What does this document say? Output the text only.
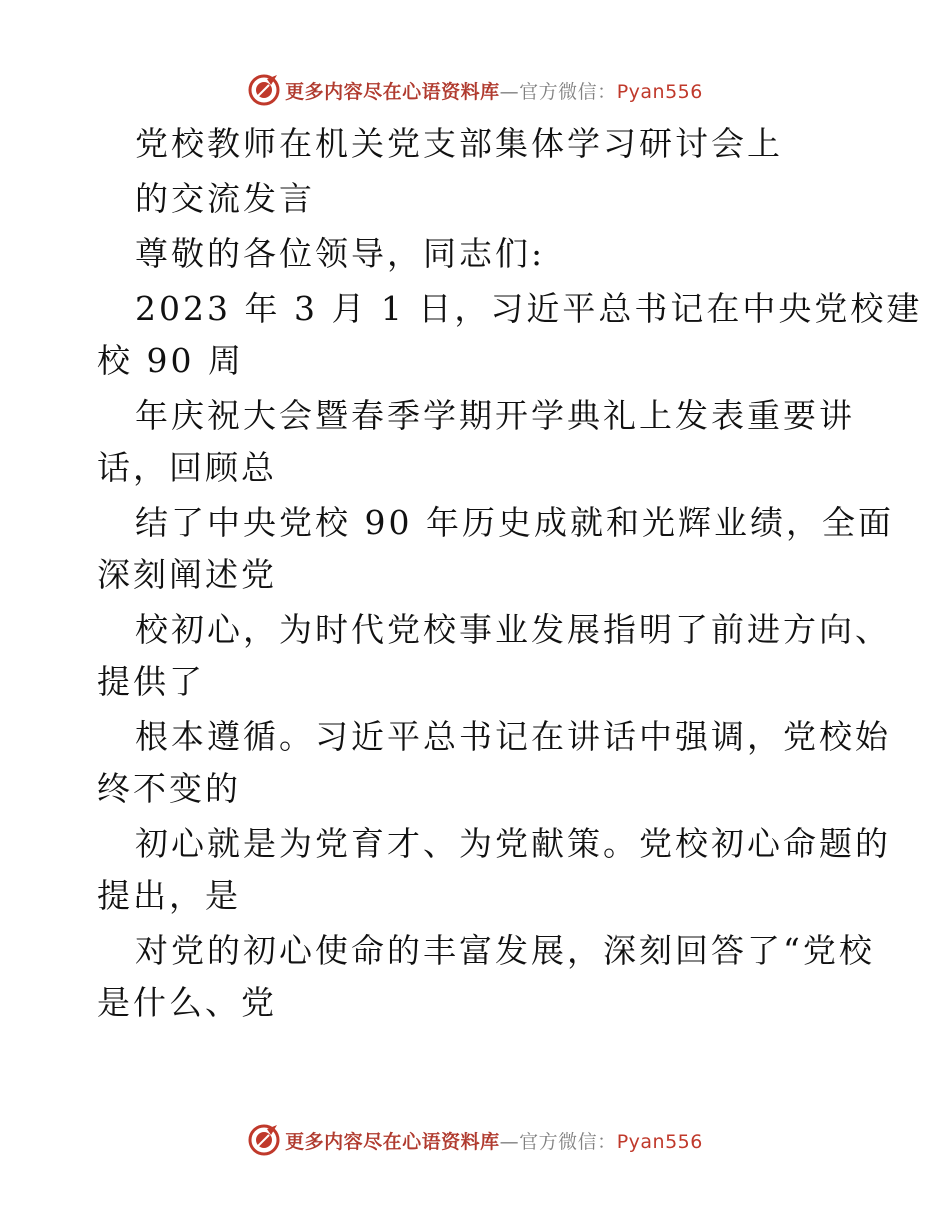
更多内容尽在心语资料库—官方微信：Pyan556
党校教师在机关党支部集体学习研讨会上
的交流发言
尊敬的各位领导，同志们:
2023 年 3 月 1 日，习近平总书记在中央党校建
校 90 周
年庆祝大会暨春季学期开学典礼上发表重要讲
话，回顾总
结了中央党校 90 年历史成就和光辉业绩，全面
深刻阐述党
校初心，为时代党校事业发展指明了前进方向、
提供了
根本遵循。习近平总书记在讲话中强调，党校始
终不变的
初心就是为党育才、为党献策。党校初心命题的
提出，是
对党的初心使命的丰富发展，深刻回答了“党校
是什么、党
更多内容尽在心语资料库—官方微信：Pyan556
